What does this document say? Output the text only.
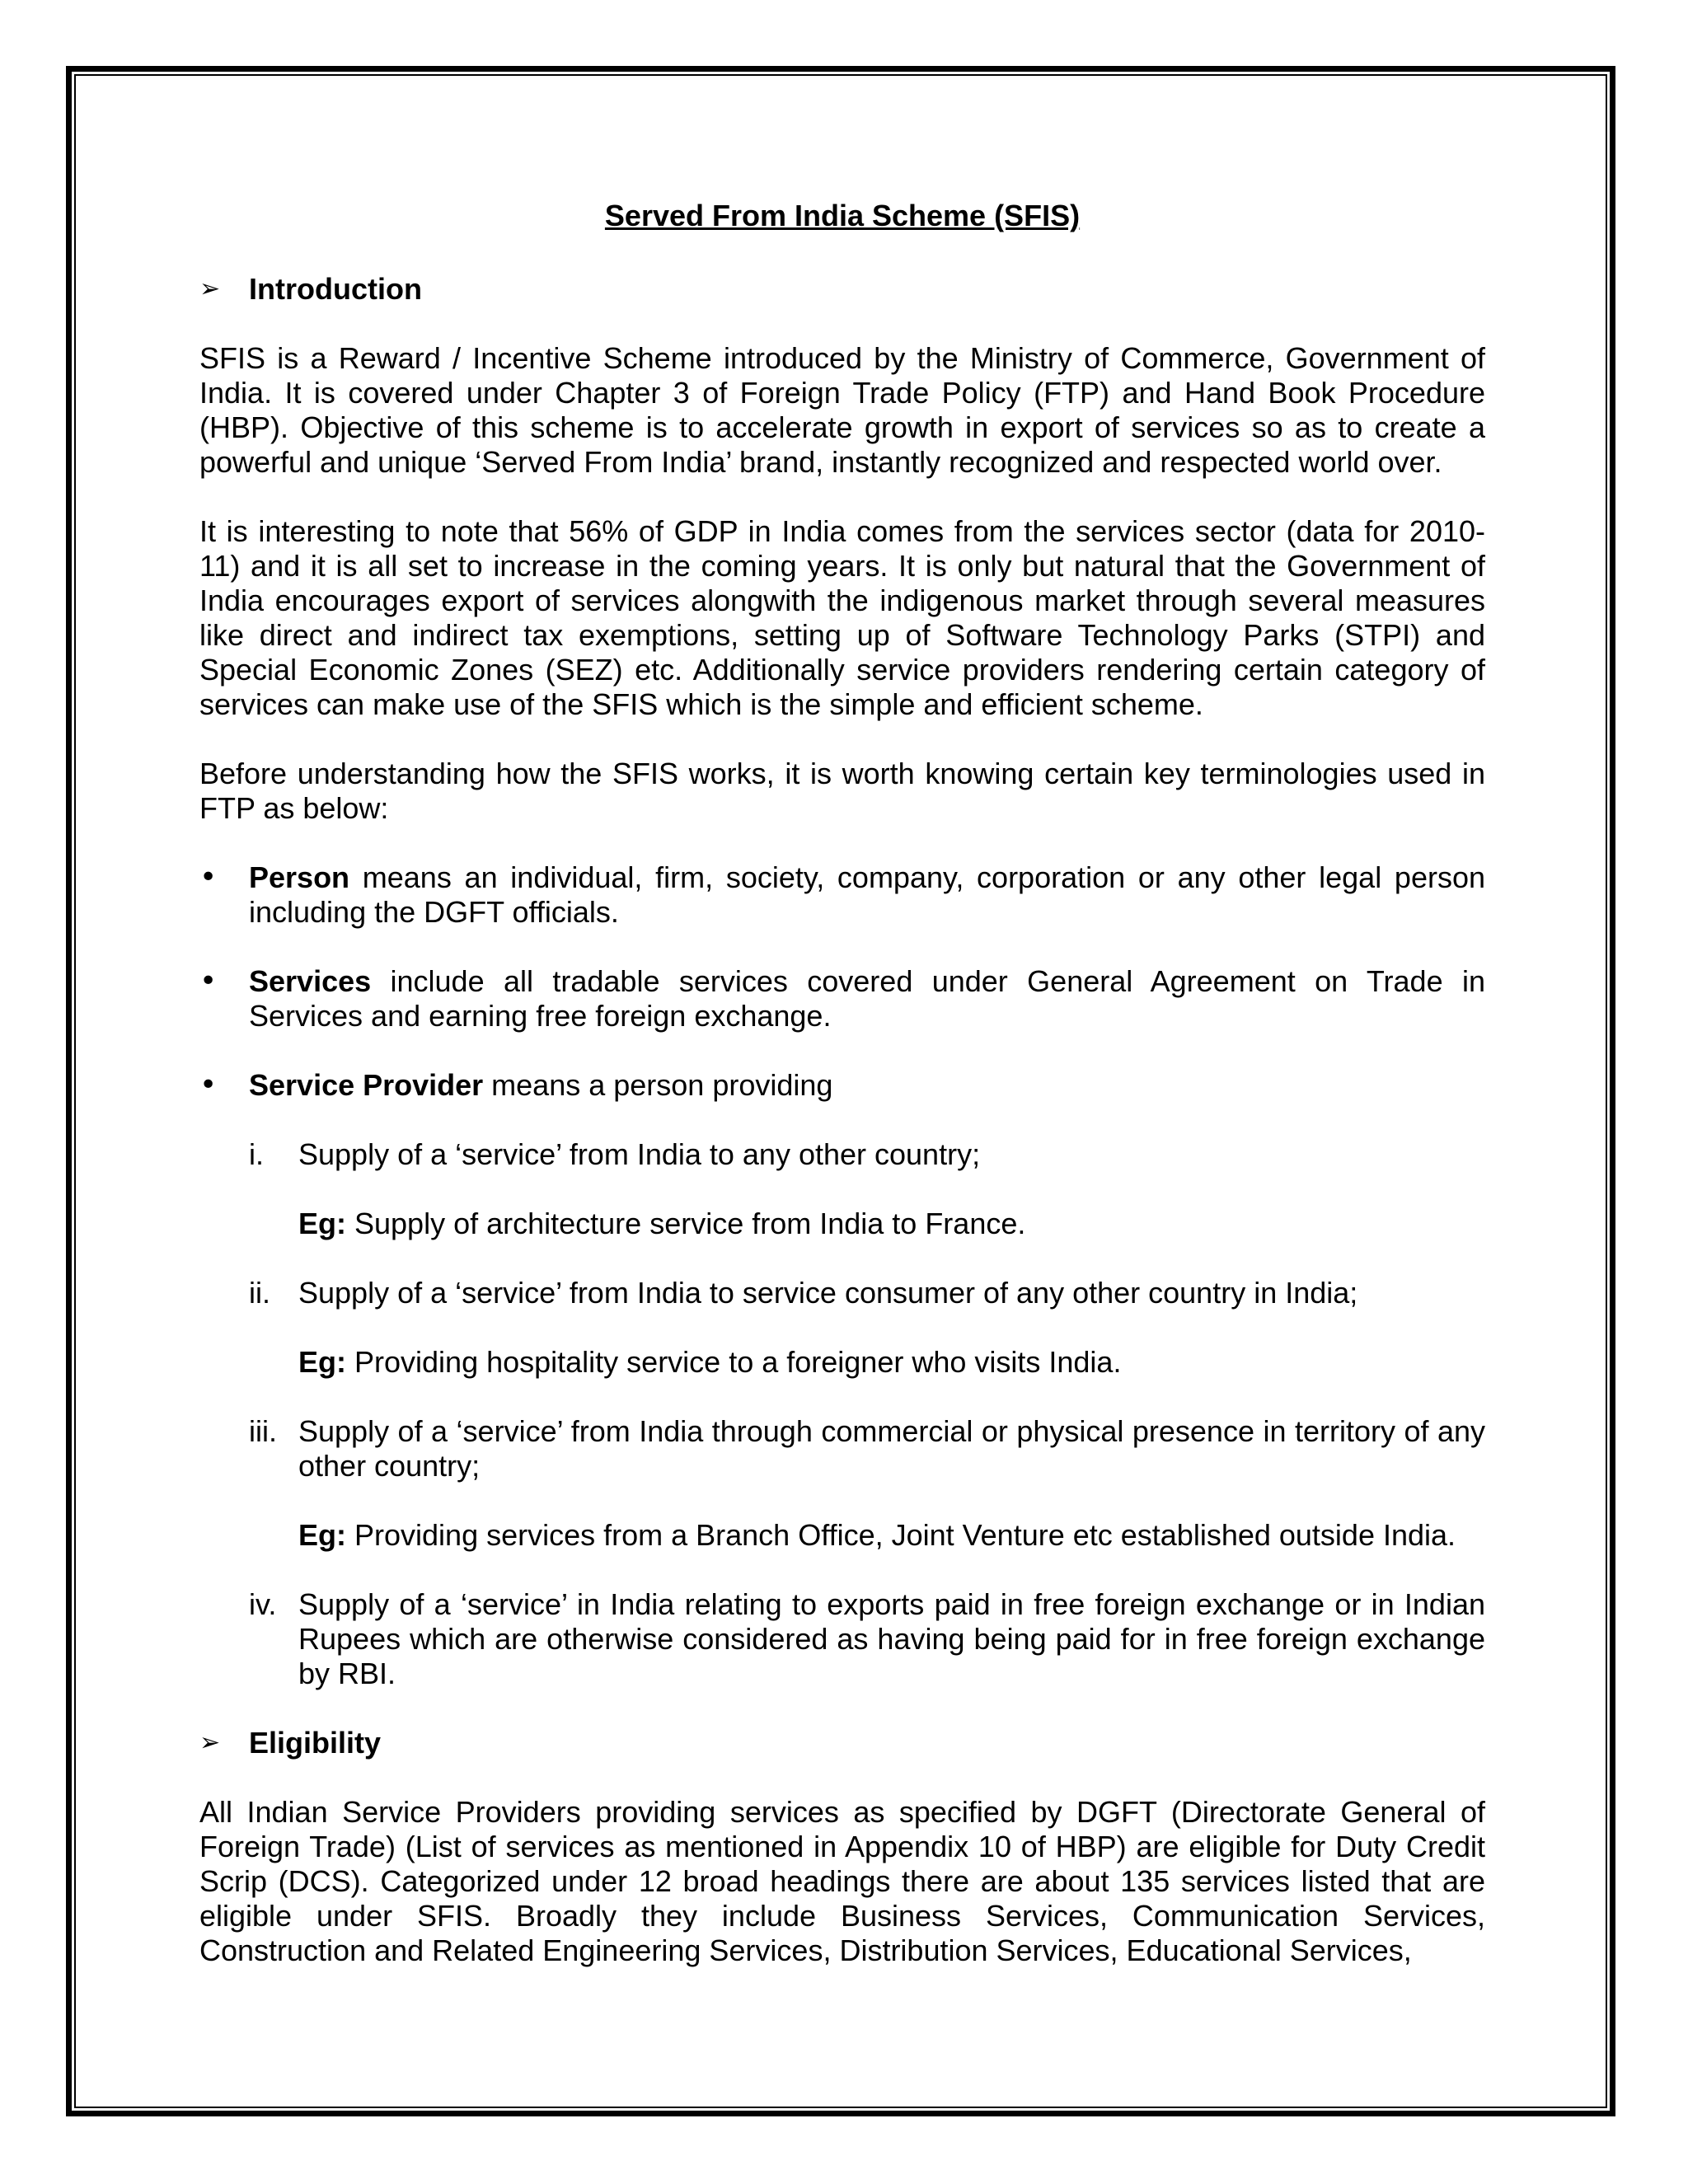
Served From India Scheme (SFIS)
➢ Introduction

SFIS is a Reward / Incentive Scheme introduced by the Ministry of Commerce, Government of India. It is covered under Chapter 3 of Foreign Trade Policy (FTP) and Hand Book Procedure (HBP). Objective of this scheme is to accelerate growth in export of services so as to create a powerful and unique ‘Served From India’ brand, instantly recognized and respected world over.

It is interesting to note that 56% of GDP in India comes from the services sector (data for 2010-11) and it is all set to increase in the coming years. It is only but natural that the Government of India encourages export of services alongwith the indigenous market through several measures like direct and indirect tax exemptions, setting up of Software Technology Parks (STPI) and Special Economic Zones (SEZ) etc. Additionally service providers rendering certain category of services can make use of the SFIS which is the simple and efficient scheme.

Before understanding how the SFIS works, it is worth knowing certain key terminologies used in FTP as below:

•	Person means an individual, firm, society, company, corporation or any other legal person including the DGFT officials.
•	Services include all tradable services covered under General Agreement on Trade in Services and earning free foreign exchange.
•	Service Provider means a person providing
i.	Supply of a ‘service’ from India to any other country;
Eg: Supply of architecture service from India to France.
ii. Supply of a ‘service’ from India to service consumer of any other country in India;
Eg: Providing hospitality service to a foreigner who visits India.
iii. Supply of a ‘service’ from India through commercial or physical presence in territory of any other country;
Eg: Providing services from a Branch Office, Joint Venture etc established outside India.
iv. Supply of a ‘service’ in India relating to exports paid in free foreign exchange or in Indian Rupees which are otherwise considered as having being paid for in free foreign exchange by RBI.
➢ Eligibility

All Indian Service Providers providing services as specified by DGFT (Directorate General of Foreign Trade) (List of services as mentioned in Appendix 10 of HBP) are eligible for Duty Credit Scrip (DCS). Categorized under 12 broad headings there are about 135 services listed that are eligible under SFIS. Broadly they include Business Services, Communication Services, Construction and Related Engineering Services, Distribution Services, Educational Services,
